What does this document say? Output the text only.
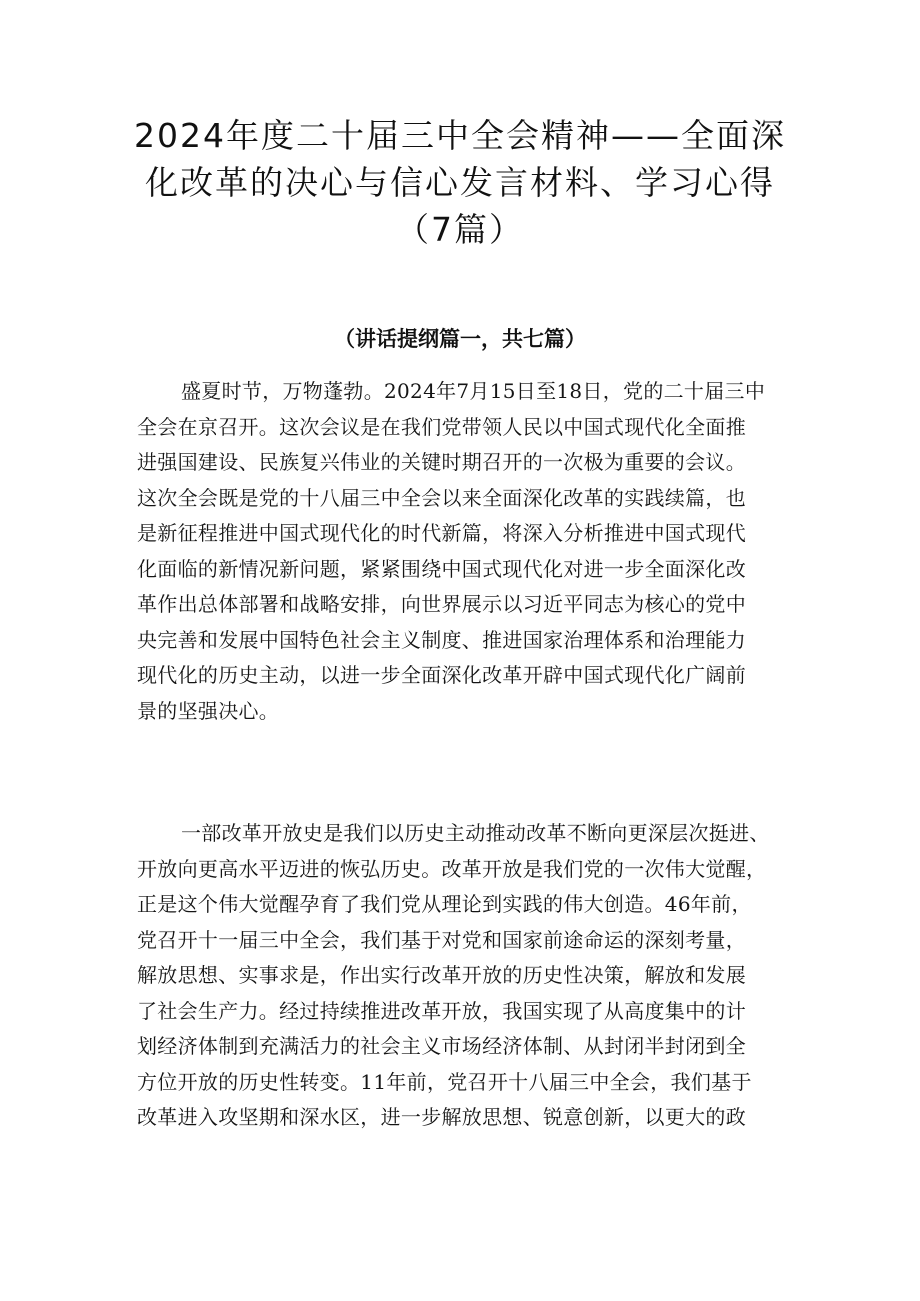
2024年度二十届三中全会精神——全面深
化改革的决心与信心发言材料、学习心得
（7篇）
（讲话提纲篇一，共七篇）
盛夏时节，万物蓬勃。2024年7月15日至18日，党的二十届三中
全会在京召开。这次会议是在我们党带领人民以中国式现代化全面推
进强国建设、民族复兴伟业的关键时期召开的一次极为重要的会议。
这次全会既是党的十八届三中全会以来全面深化改革的实践续篇，也
是新征程推进中国式现代化的时代新篇，将深入分析推进中国式现代
化面临的新情况新问题，紧紧围绕中国式现代化对进一步全面深化改
革作出总体部署和战略安排，向世界展示以习近平同志为核心的党中
央完善和发展中国特色社会主义制度、推进国家治理体系和治理能力
现代化的历史主动，以进一步全面深化改革开辟中国式现代化广阔前
景的坚强决心。
一部改革开放史是我们以历史主动推动改革不断向更深层次挺进、
开放向更高水平迈进的恢弘历史。改革开放是我们党的一次伟大觉醒，
正是这个伟大觉醒孕育了我们党从理论到实践的伟大创造。46年前，
党召开十一届三中全会，我们基于对党和国家前途命运的深刻考量，
解放思想、实事求是，作出实行改革开放的历史性决策，解放和发展
了社会生产力。经过持续推进改革开放，我国实现了从高度集中的计
划经济体制到充满活力的社会主义市场经济体制、从封闭半封闭到全
方位开放的历史性转变。11年前，党召开十八届三中全会，我们基于
改革进入攻坚期和深水区，进一步解放思想、锐意创新，以更大的政
